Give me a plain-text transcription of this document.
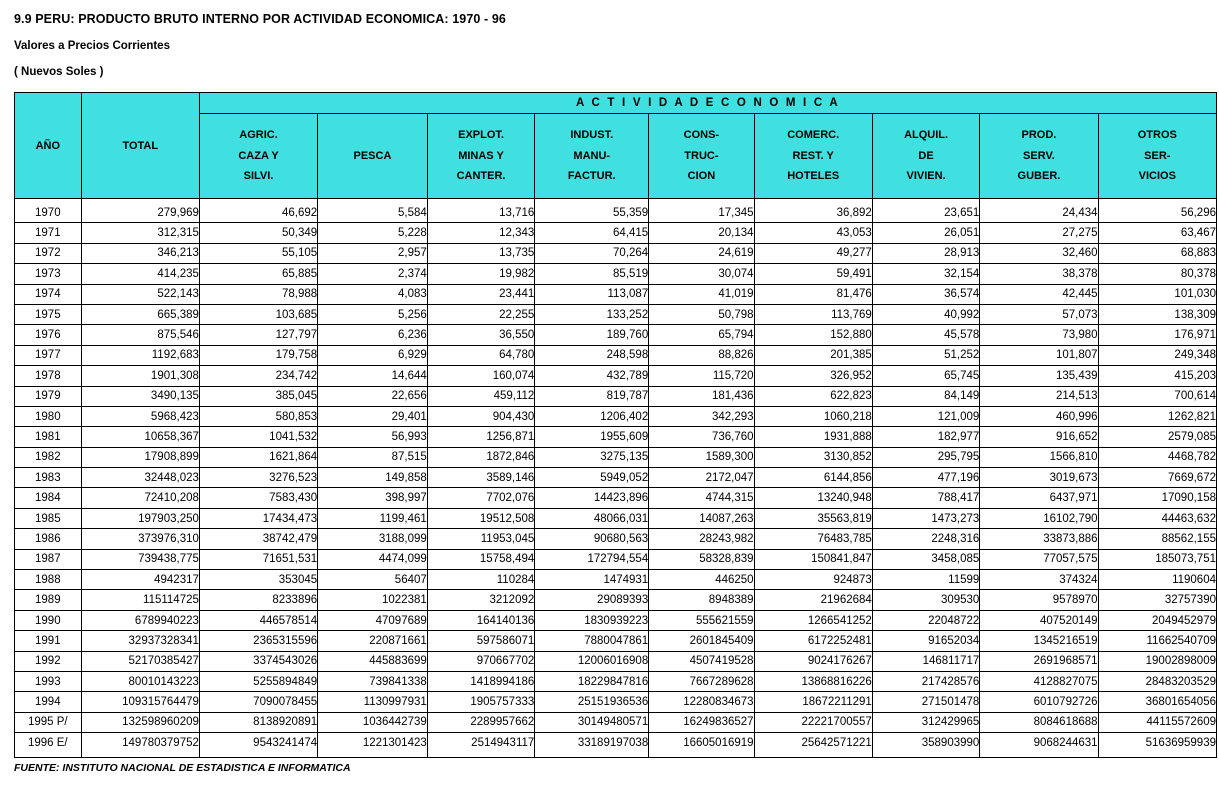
9.9 PERU: PRODUCTO BRUTO INTERNO POR ACTIVIDAD ECONOMICA: 1970 - 96
Valores a Precios Corrientes
( Nuevos Soles )
AÑO	TOTAL	A C T I V I D A D E C O N O M I C A								

		AGRIC.
CAZA Y
SILVI.	PESCA	EXPLOT.
MINAS Y
CANTER.	INDUST.
MANU-
FACTUR.	CONS-
TRUC-
CION	COMERC.
REST. Y
HOTELES	ALQUIL.
DE
VIVIEN.	PROD.
SERV.
GUBER.	OTROS
SER-
VICIOS

1970	279,969	46,692	5,584	13,716	55,359	17,345	36,892	23,651	24,434	56,296
1971	312,315	50,349	5,228	12,343	64,415	20,134	43,053	26,051	27,275	63,467
1972	346,213	55,105	2,957	13,735	70,264	24,619	49,277	28,913	32,460	68,883
1973	414,235	65,885	2,374	19,982	85,519	30,074	59,491	32,154	38,378	80,378
1974	522,143	78,988	4,083	23,441	113,087	41,019	81,476	36,574	42,445	101,030
1975	665,389	103,685	5,256	22,255	133,252	50,798	113,769	40,992	57,073	138,309
1976	875,546	127,797	6,236	36,550	189,760	65,794	152,880	45,578	73,980	176,971
1977	1192,683	179,758	6,929	64,780	248,598	88,826	201,385	51,252	101,807	249,348
1978	1901,308	234,742	14,644	160,074	432,789	115,720	326,952	65,745	135,439	415,203
1979	3490,135	385,045	22,656	459,112	819,787	181,436	622,823	84,149	214,513	700,614
1980	5968,423	580,853	29,401	904,430	1206,402	342,293	1060,218	121,009	460,996	1262,821
1981	10658,367	1041,532	56,993	1256,871	1955,609	736,760	1931,888	182,977	916,652	2579,085
1982	17908,899	1621,864	87,515	1872,846	3275,135	1589,300	3130,852	295,795	1566,810	4468,782
1983	32448,023	3276,523	149,858	3589,146	5949,052	2172,047	6144,856	477,196	3019,673	7669,672
1984	72410,208	7583,430	398,997	7702,076	14423,896	4744,315	13240,948	788,417	6437,971	17090,158
1985	197903,250	17434,473	1199,461	19512,508	48066,031	14087,263	35563,819	1473,273	16102,790	44463,632
1986	373976,310	38742,479	3188,099	11953,045	90680,563	28243,982	76483,785	2248,316	33873,886	88562,155
1987	739438,775	71651,531	4474,099	15758,494	172794,554	58328,839	150841,847	3458,085	77057,575	185073,751
1988	4942317	353045	56407	110284	1474931	446250	924873	11599	374324	1190604
1989	115114725	8233896	1022381	3212092	29089393	8948389	21962684	309530	9578970	32757390
1990	6789940223	446578514	47097689	164140136	1830939223	555621559	1266541252	22048722	407520149	2049452979
1991	32937328341	2365315596	220871661	597586071	7880047861	2601845409	6172252481	91652034	1345216519	11662540709
1992	52170385427	3374543026	445883699	970667702	12006016908	4507419528	9024176267	146811717	2691968571	19002898009
1993	80010143223	5255894849	739841338	1418994186	18229847816	7667289628	13868816226	217428576	4128827075	28483203529
1994	109315764479	7090078455	1130997931	1905757333	25151936536	12280834673	18672211291	271501478	6010792726	36801654056
1995 P/	132598960209	8138920891	1036442739	2289957662	30149480571	16249836527	22221700557	312429965	8084618688	44115572609
1996 E/	149780379752	9543241474	1221301423	2514943117	33189197038	16605016919	25642571221	358903990	9068244631	51636959939
FUENTE: INSTITUTO NACIONAL DE ESTADISTICA E INFORMATICA
